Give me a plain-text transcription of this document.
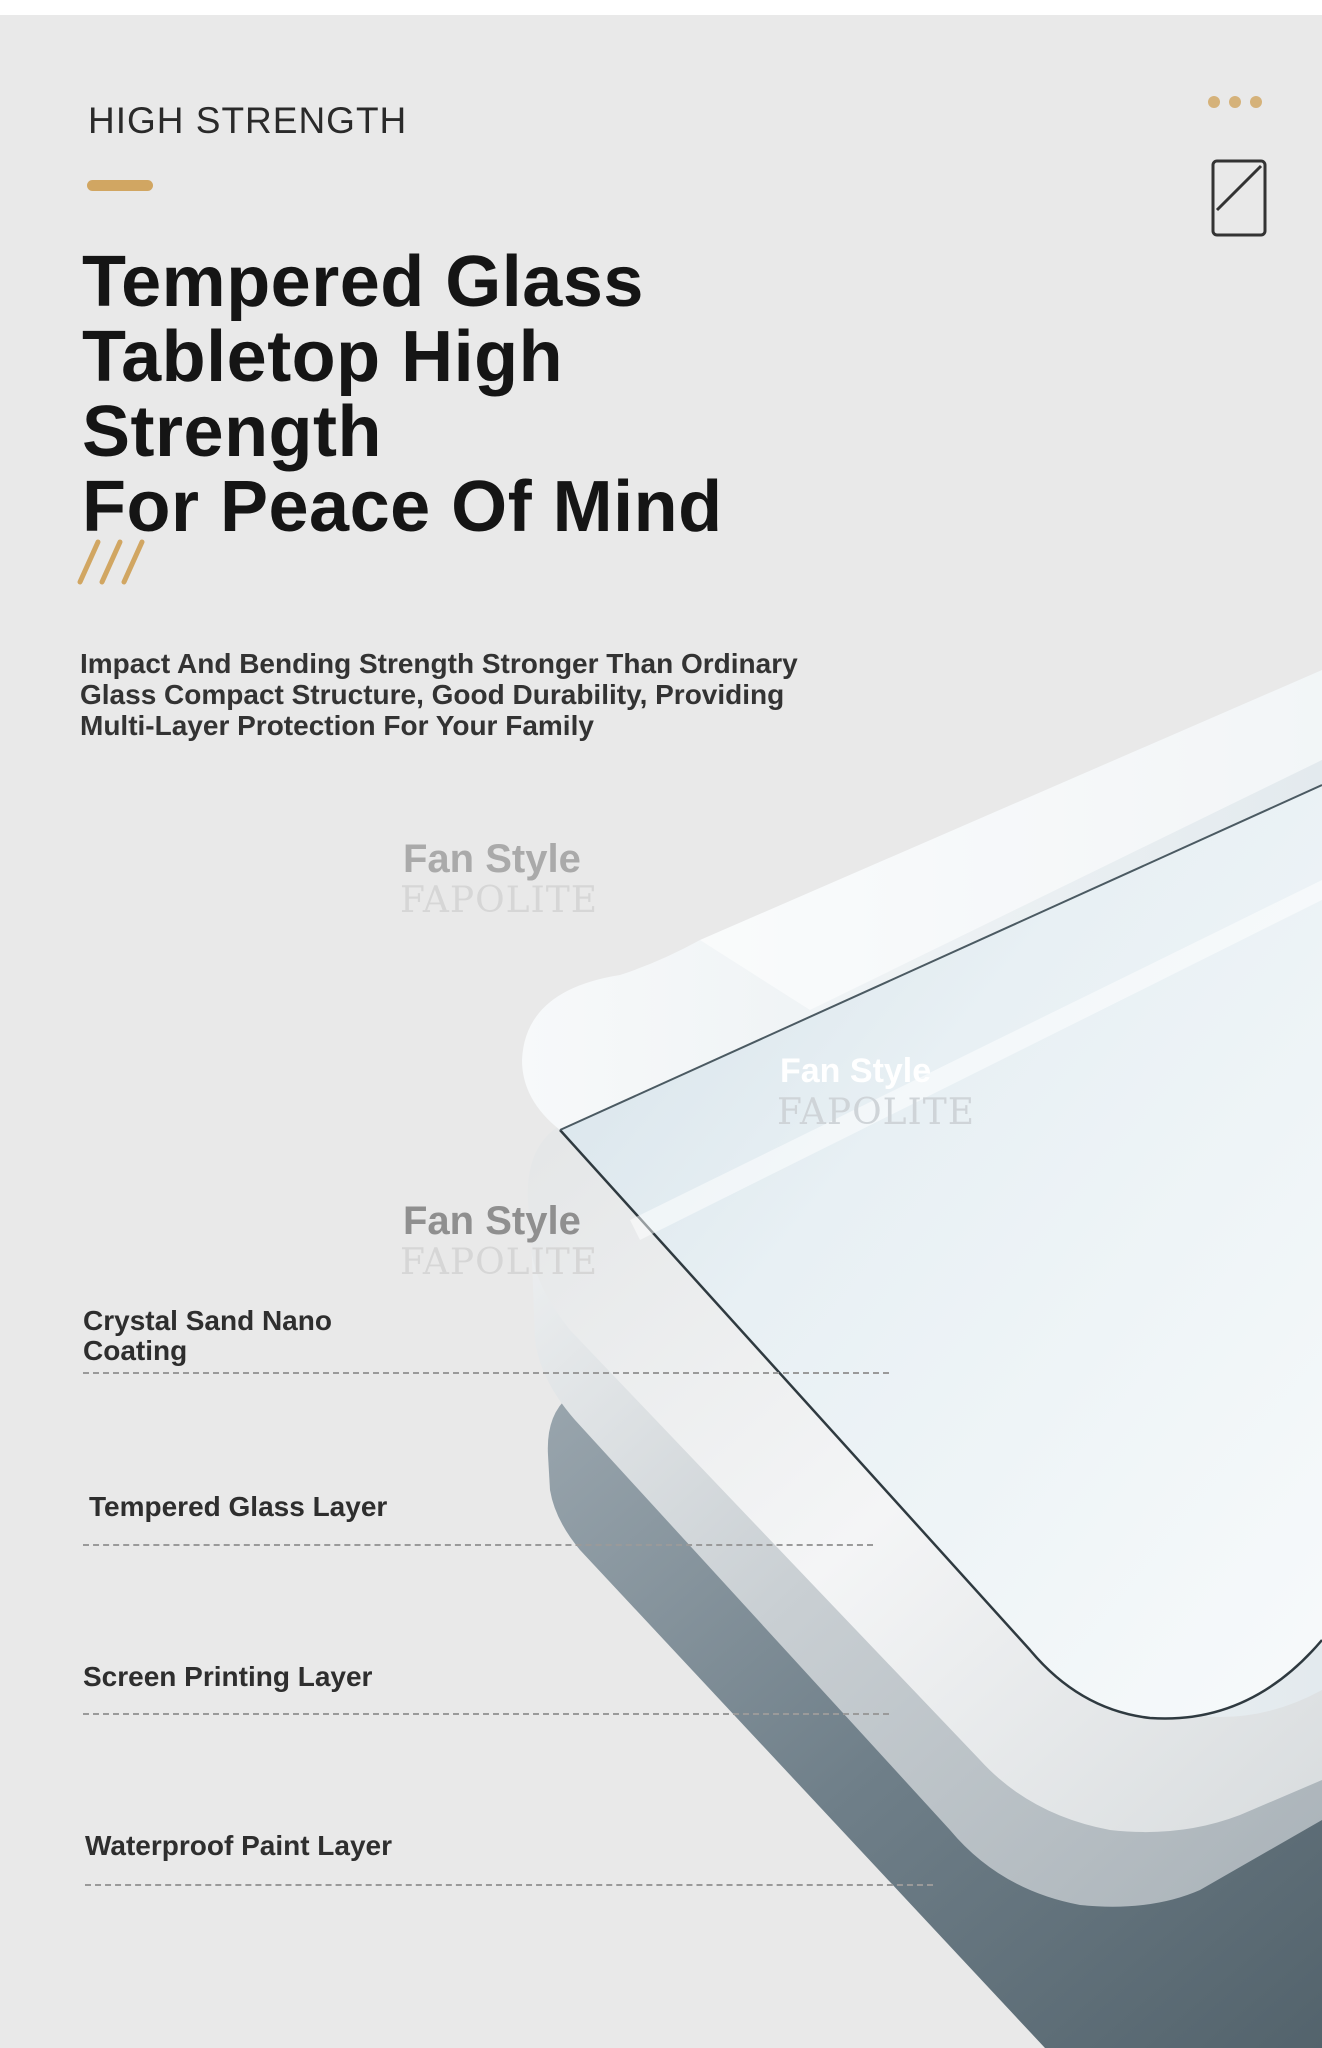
HIGH STRENGTH
Tempered Glass
Tabletop High Strength
For Peace Of Mind

Impact And Bending Strength Stronger Than Ordinary
Glass Compact Structure, Good Durability, Providing
Multi-Layer Protection For Your Family

Fan Style
FAPOLITE
Fan Style
FAPOLITE
Fan Style
FAPOLITE

Crystal Sand Nano
Coating

Tempered Glass Layer

Screen Printing Layer

Waterproof Paint Layer
